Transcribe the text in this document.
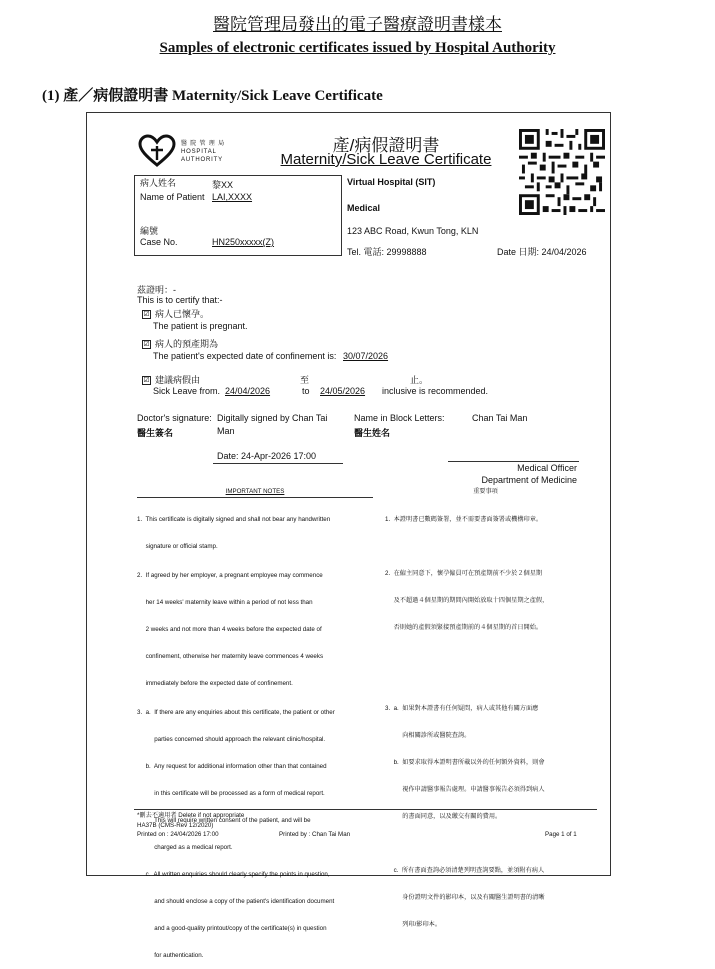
醫院管理局發出的電子醫療證明書樣本
Samples of electronic certificates issued by Hospital Authority
(1) 產／病假證明書 Maternity/Sick Leave Certificate
醫 院 管 理 局
HOSPITAL
AUTHORITY
產/病假證明書
Maternity/Sick Leave Certificate
病人姓名	黎XX
Name of Patient LAI,XXXX
編號
Case No.	HN250xxxxx(Z)
Virtual Hospital (SIT)
Medical
123 ABC Road, Kwun Tong, KLN
Tel. 電話: 29998888	Date 日期: 24/04/2026
茲證明：-
This is to certify that:-
☑ 病人已懷孕。
The patient is pregnant.
☑ 病人的預產期為
The patient's expected date of confinement is: 30/07/2026
☑ 建議病假由	至	止。
Sick Leave from. 24/04/2026	to 24/05/2026 inclusive is recommended.
Doctor's signature:
醫生簽名
Digitally signed by Chan Tai
Man
Name in Block Letters:
醫生姓名
Chan Tai Man
Date: 24-Apr-2026 17:00
Medical Officer
Department of Medicine
IMPORTANT NOTES	重要事項

1.  This certificate is digitally signed and shall not bear any handwritten

signature or official stamp.

2.  If agreed by her employer, a pregnant employee may commence

her 14 weeks' maternity leave within a period of not less than

2 weeks and not more than 4 weeks before the expected date of

confinement, otherwise her maternity leave commences 4 weeks

immediately before the expected date of confinement.

3.  a.  If there are any enquiries about this certificate, the patient or other

parties concerned should approach the relevant clinic/hospital.

b.  Any request for additional information other than that contained

in this certificate will be processed as a form of medical report.

This will require written consent of the patient, and will be

charged as a medical report.

c.  All written enquiries should clearly specify the points in question,

and should enclose a copy of the patient's identification document

and a good-quality printout/copy of the certificate(s) in question

for authentication.

1.  本證明書已數碼簽署，並不需要書面簽署或機構印章。

2.  在僱主同意下，懷孕僱員可在預產期前不少於２個星期

及不超過４個星期的期間內開始放取十四個星期之產假，

否則她的產假須緊接預產期前的４個星期的首日開始。

3.  a.  如果對本證書有任何疑問，病人或其他有關方面應

向相關診所或醫院查詢。

b.  如要求取得本證明書所載以外的任何額外資料，則會

視作申請醫事報告處理。申請醫事報告必須得到病人

的書面同意，以及繳交有關的費用。

c.  所有書面查詢必須清楚列明查詢要點，並須附有病人

身份證明文件的影印本，以及有關醫生證明書的清晰

列印/影印本。

*刪去不適用者 Delete if not appropriate
HA37B (CMS-Rev 12/2020)
Printed on : 24/04/2026 17:00	Printed by : Chan Tai Man	Page 1 of 1
